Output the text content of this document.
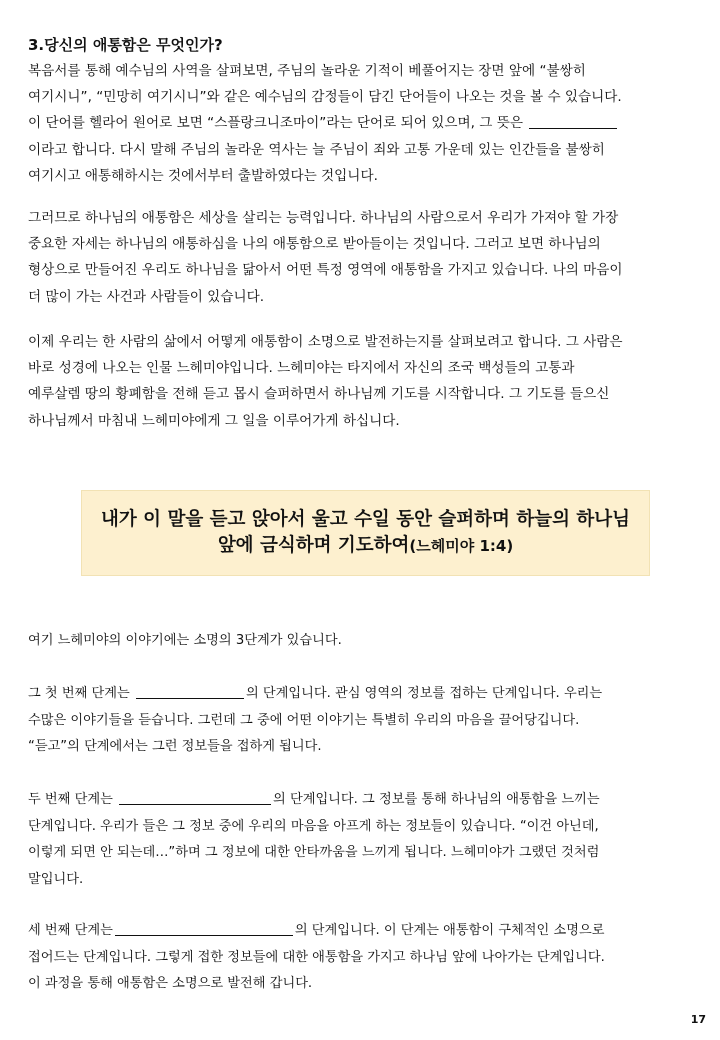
3.당신의 애통함은 무엇인가?
복음서를 통해 예수님의 사역을 살펴보면, 주님의 놀라운 기적이 베풀어지는 장면 앞에 “불쌍히
여기시니”, “민망히 여기시니”와 같은 예수님의 감정들이 담긴 단어들이 나오는 것을 볼 수 있습니다.
이 단어를 헬라어 원어로 보면 “스플랑크니조마이”라는 단어로 되어 있으며, 그 뜻은
이라고 합니다. 다시 말해 주님의 놀라운 역사는 늘 주님이 죄와 고통 가운데 있는 인간들을 불쌍히
여기시고 애통해하시는 것에서부터 출발하였다는 것입니다.
그러므로 하나님의 애통함은 세상을 살리는 능력입니다. 하나님의 사람으로서 우리가 가져야 할 가장
중요한 자세는 하나님의 애통하심을 나의 애통함으로 받아들이는 것입니다. 그러고 보면 하나님의
형상으로 만들어진 우리도 하나님을 닮아서 어떤 특정 영역에 애통함을 가지고 있습니다. 나의 마음이
더 많이 가는 사건과 사람들이 있습니다.
이제 우리는 한 사람의 삶에서 어떻게 애통함이 소명으로 발전하는지를 살펴보려고 합니다. 그 사람은
바로 성경에 나오는 인물 느헤미야입니다. 느헤미야는 타지에서 자신의 조국 백성들의 고통과
예루살렘 땅의 황폐함을 전해 듣고 몹시 슬퍼하면서 하나님께 기도를 시작합니다. 그 기도를 들으신
하나님께서 마침내 느헤미야에게 그 일을 이루어가게 하십니다.
내가 이 말을 듣고 앉아서 울고 수일 동안 슬퍼하며 하늘의 하나님
앞에 금식하며 기도하여(느헤미야 1:4)
여기 느헤미야의 이야기에는 소명의 3단계가 있습니다.
그 첫 번째 단계는	의 단계입니다. 관심 영역의 정보를 접하는 단계입니다. 우리는
수많은 이야기들을 듣습니다. 그런데 그 중에 어떤 이야기는 특별히 우리의 마음을 끌어당깁니다.
“듣고”의 단계에서는 그런 정보들을 접하게 됩니다.
두 번째 단계는	의 단계입니다. 그 정보를 통해 하나님의 애통함을 느끼는
단계입니다. 우리가 들은 그 정보 중에 우리의 마음을 아프게 하는 정보들이 있습니다. “이건 아닌데,
이렇게 되면 안 되는데…”하며 그 정보에 대한 안타까움을 느끼게 됩니다. 느헤미야가 그랬던 것처럼
말입니다.
세 번째 단계는	의 단계입니다. 이 단계는 애통함이 구체적인 소명으로
접어드는 단계입니다. 그렇게 접한 정보들에 대한 애통함을 가지고 하나님 앞에 나아가는 단계입니다.
이 과정을 통해 애통함은 소명으로 발전해 갑니다.
17
